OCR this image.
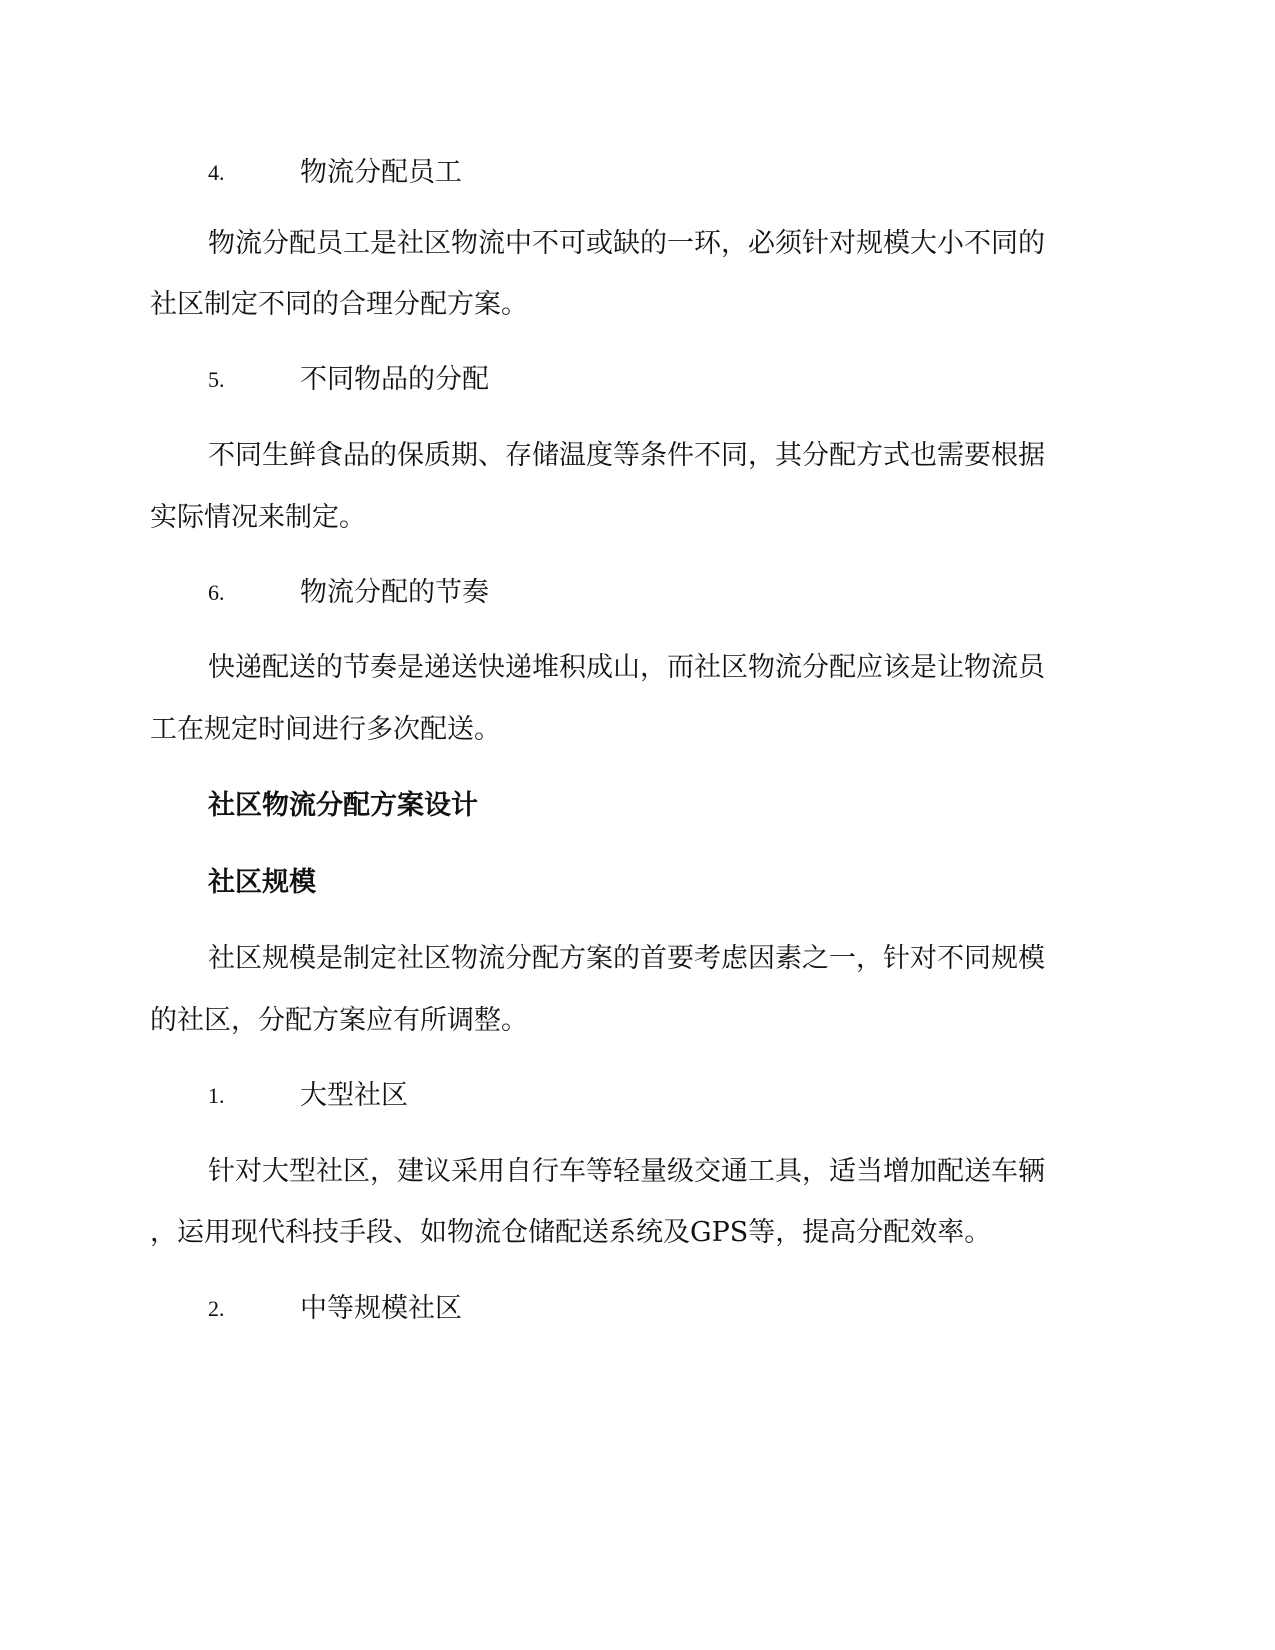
4.	物流分配员工
物流分配员工是社区物流中不可或缺的一环，必须针对规模大小不同的
社区制定不同的合理分配方案。
5.	不同物品的分配
不同生鲜食品的保质期、存储温度等条件不同，其分配方式也需要根据
实际情况来制定。
6.	物流分配的节奏
快递配送的节奏是递送快递堆积成山，而社区物流分配应该是让物流员
工在规定时间进行多次配送。
社区物流分配方案设计
社区规模
社区规模是制定社区物流分配方案的首要考虑因素之一，针对不同规模
的社区，分配方案应有所调整。
1.	大型社区
针对大型社区，建议采用自行车等轻量级交通工具，适当增加配送车辆
，运用现代科技手段、如物流仓储配送系统及GPS等，提高分配效率。
2.	中等规模社区
